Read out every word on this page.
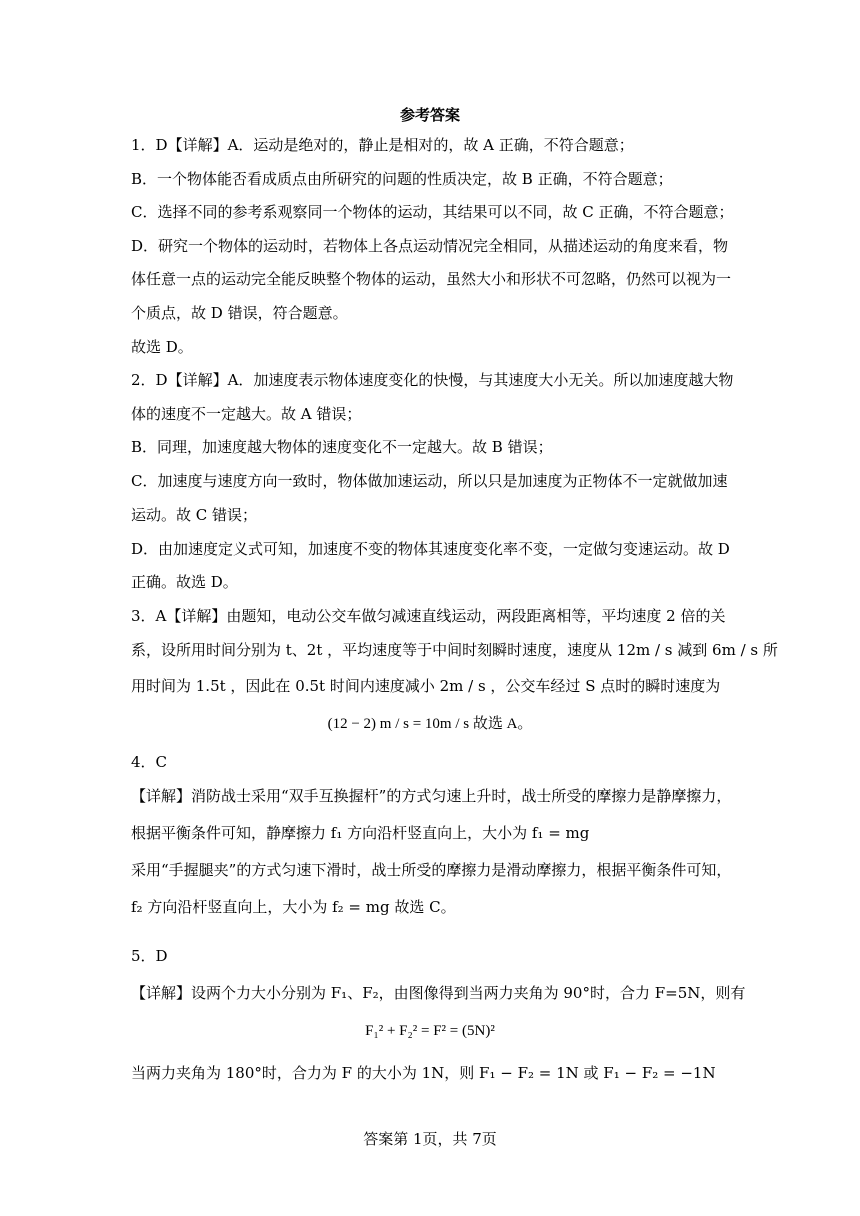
参考答案
1．D【详解】A．运动是绝对的，静止是相对的，故 A 正确，不符合题意；
B．一个物体能否看成质点由所研究的问题的性质决定，故 B 正确，不符合题意；
C．选择不同的参考系观察同一个物体的运动，其结果可以不同，故 C 正确，不符合题意；
D．研究一个物体的运动时，若物体上各点运动情况完全相同，从描述运动的角度来看，物
体任意一点的运动完全能反映整个物体的运动，虽然大小和形状不可忽略，仍然可以视为一
个质点，故 D 错误，符合题意。
故选 D。
2．D【详解】A．加速度表示物体速度变化的快慢，与其速度大小无关。所以加速度越大物
体的速度不一定越大。故 A 错误；
B．同理，加速度越大物体的速度变化不一定越大。故 B 错误；
C．加速度与速度方向一致时，物体做加速运动，所以只是加速度为正物体不一定就做加速
运动。故 C 错误；
D．由加速度定义式可知，加速度不变的物体其速度变化率不变，一定做匀变速运动。故 D
正确。故选 D。
3．A【详解】由题知，电动公交车做匀减速直线运动，两段距离相等，平均速度 2 倍的关
系，设所用时间分别为 t、2t ，平均速度等于中间时刻瞬时速度，速度从 12m / s 减到 6m / s 所
用时间为 1.5t ，因此在 0.5t 时间内速度减小 2m / s ，公交车经过 S 点时的瞬时速度为
(12 − 2) m / s = 10m / s 故选 A。
4．C
【详解】消防战士采用“双手互换握杆”的方式匀速上升时，战士所受的摩擦力是静摩擦力，
根据平衡条件可知，静摩擦力 f₁ 方向沿杆竖直向上，大小为 f₁ = mg
采用“手握腿夹”的方式匀速下滑时，战士所受的摩擦力是滑动摩擦力，根据平衡条件可知，
f₂ 方向沿杆竖直向上，大小为 f₂ = mg 故选 C。
5．D
【详解】设两个力大小分别为 F₁、F₂，由图像得到当两力夹角为 90°时，合力 F=5N，则有
F₁² + F₂² = F² = (5N)²
当两力夹角为 180°时，合力为 F 的大小为 1N，则 F₁ − F₂ = 1N 或 F₁ − F₂ = −1N
答案第 1页，共 7页
